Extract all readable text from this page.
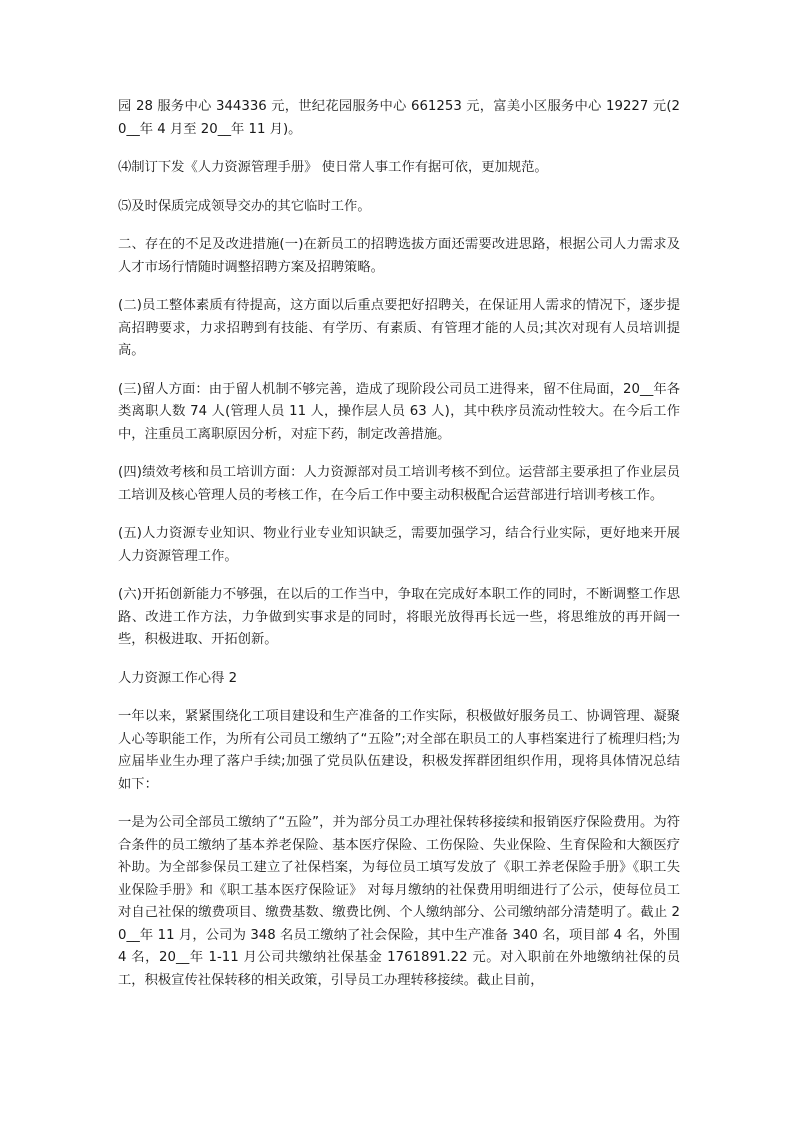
园 28 服务中心 344336 元，世纪花园服务中心 661253 元，富美小区服务中心 19227 元(20__年 4 月至 20__年 11 月)。

⑷制订下发《人力资源管理手册》 使日常人事工作有据可依，更加规范。

⑸及时保质完成领导交办的其它临时工作。

二、存在的不足及改进措施(一)在新员工的招聘选拔方面还需要改进思路，根据公司人力需求及人才市场行情随时调整招聘方案及招聘策略。

(二)员工整体素质有待提高，这方面以后重点要把好招聘关，在保证用人需求的情况下，逐步提高招聘要求，力求招聘到有技能、有学历、有素质、有管理才能的人员;其次对现有人员培训提高。

(三)留人方面：由于留人机制不够完善，造成了现阶段公司员工进得来，留不住局面，20__年各类离职人数 74 人(管理人员 11 人，操作层人员 63 人)，其中秩序员流动性较大。在今后工作中，注重员工离职原因分析，对症下药，制定改善措施。

(四)绩效考核和员工培训方面：人力资源部对员工培训考核不到位。运营部主要承担了作业层员工培训及核心管理人员的考核工作，在今后工作中要主动积极配合运营部进行培训考核工作。

(五)人力资源专业知识、物业行业专业知识缺乏，需要加强学习，结合行业实际，更好地来开展人力资源管理工作。

(六)开拓创新能力不够强，在以后的工作当中，争取在完成好本职工作的同时，不断调整工作思路、改进工作方法，力争做到实事求是的同时，将眼光放得再长远一些，将思维放的再开阔一些，积极进取、开拓创新。

人力资源工作心得 2

一年以来，紧紧围绕化工项目建设和生产准备的工作实际，积极做好服务员工、协调管理、凝聚人心等职能工作，为所有公司员工缴纳了“五险”;对全部在职员工的人事档案进行了梳理归档;为应届毕业生办理了落户手续;加强了党员队伍建设，积极发挥群团组织作用，现将具体情况总结如下：

一是为公司全部员工缴纳了“五险”，并为部分员工办理社保转移接续和报销医疗保险费用。为符合条件的员工缴纳了基本养老保险、基本医疗保险、工伤保险、失业保险、生育保险和大额医疗补助。为全部参保员工建立了社保档案，为每位员工填写发放了《职工养老保险手册》《职工失业保险手册》和《职工基本医疗保险证》 对每月缴纳的社保费用明细进行了公示，使每位员工对自己社保的缴费项目、缴费基数、缴费比例、个人缴纳部分、公司缴纳部分清楚明了。截止 20__年 11 月，公司为 348 名员工缴纳了社会保险，其中生产准备 340 名，项目部 4 名，外围 4 名，20__年 1-11 月公司共缴纳社保基金 1761891.22 元。对入职前在外地缴纳社保的员工，积极宣传社保转移的相关政策，引导员工办理转移接续。截止目前，
